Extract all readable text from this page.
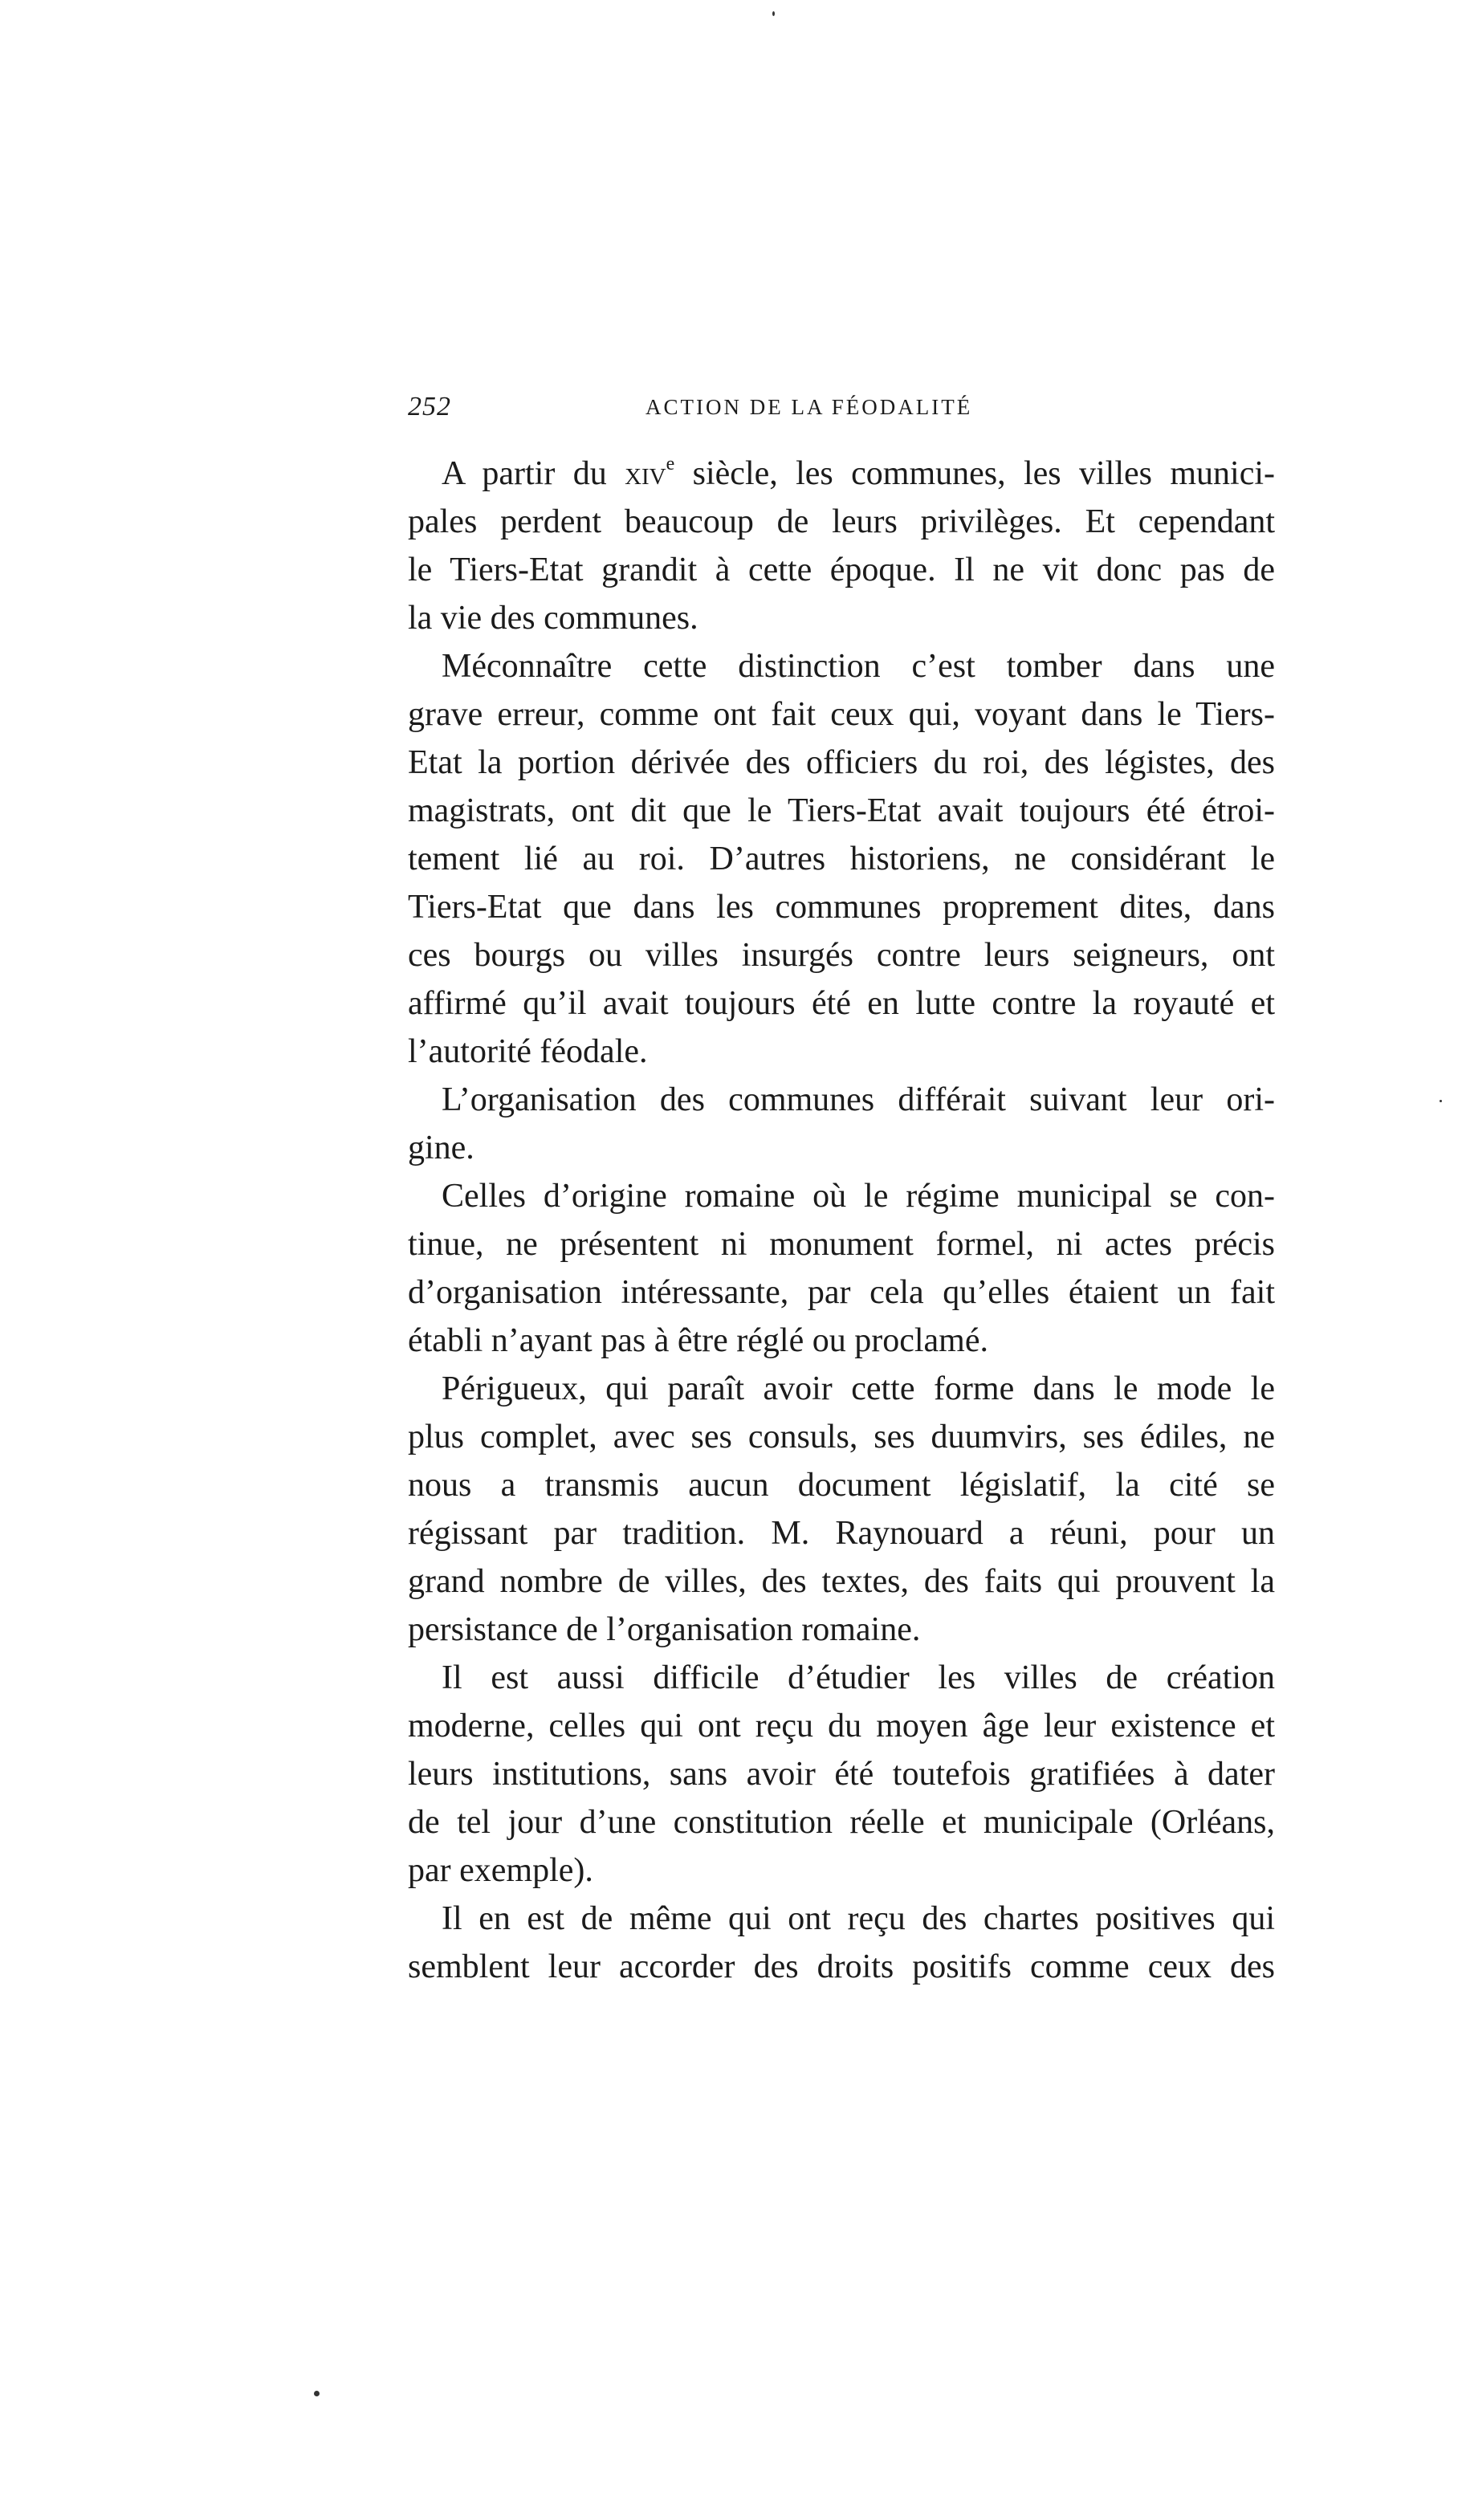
252	ACTION DE LA FÉODALITÉ
A partir du xiv$^e$ siècle, les communes, les villes munici-
pales perdent beaucoup de leurs privilèges. Et cependant
le Tiers-Etat grandit à cette époque. Il ne vit donc pas de
la vie des communes.
Méconnaître cette distinction c’est tomber dans une
grave erreur, comme ont fait ceux qui, voyant dans le Tiers-
Etat la portion dérivée des officiers du roi, des légistes, des
magistrats, ont dit que le Tiers-Etat avait toujours été étroi-
tement lié au roi. D’autres historiens, ne considérant le
Tiers-Etat que dans les communes proprement dites, dans
ces bourgs ou villes insurgés contre leurs seigneurs, ont
affirmé qu’il avait toujours été en lutte contre la royauté et
l’autorité féodale.
L’organisation des communes différait suivant leur ori-
gine.
Celles d’origine romaine où le régime municipal se con-
tinue, ne présentent ni monument formel, ni actes précis
d’organisation intéressante, par cela qu’elles étaient un fait
établi n’ayant pas à être réglé ou proclamé.
Périgueux, qui paraît avoir cette forme dans le mode le
plus complet, avec ses consuls, ses duumvirs, ses édiles, ne
nous a transmis aucun document législatif, la cité se
régissant par tradition. M. Raynouard a réuni, pour un
grand nombre de villes, des textes, des faits qui prouvent la
persistance de l’organisation romaine.
Il est aussi difficile d’étudier les villes de création
moderne, celles qui ont reçu du moyen âge leur existence et
leurs institutions, sans avoir été toutefois gratifiées à dater
de tel jour d’une constitution réelle et municipale (Orléans,
par exemple).
Il en est de même qui ont reçu des chartes positives qui
semblent leur accorder des droits positifs comme ceux des
